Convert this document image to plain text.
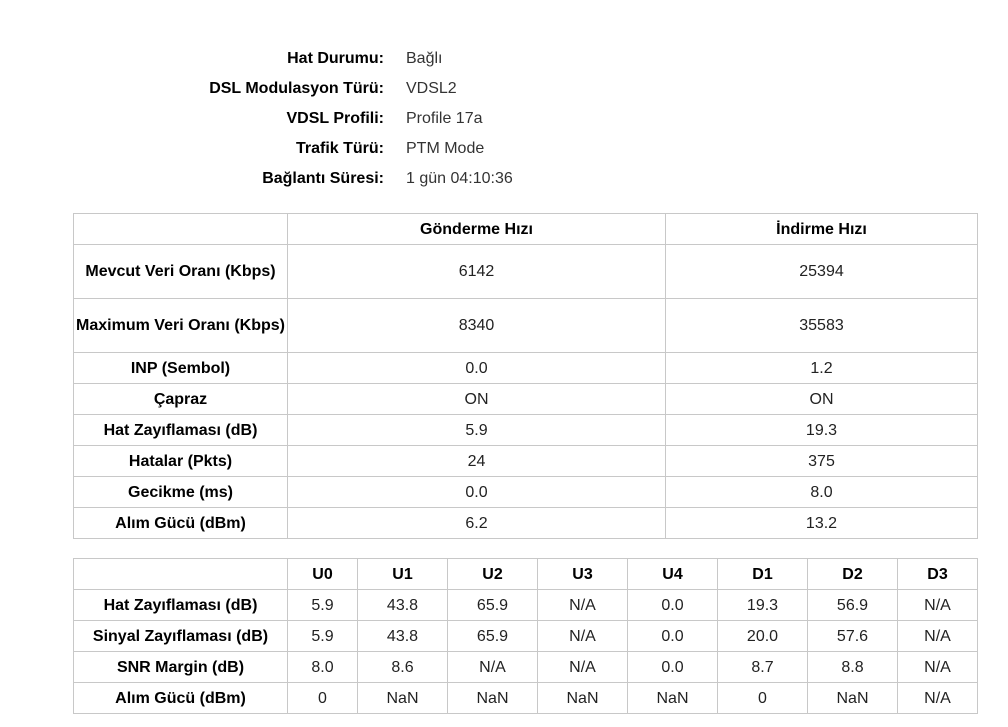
Hat Durumu: Bağlı
DSL Modulasyon Türü: VDSL2
VDSL Profili: Profile 17a
Trafik Türü: PTM Mode
Bağlantı Süresi: 1 gün 04:10:36
	Gönderme Hızı	İndirme Hızı
Mevcut Veri Oranı (Kbps)	6142	25394
Maximum Veri Oranı (Kbps)	8340	35583
INP (Sembol)	0.0	1.2
Çapraz	ON	ON
Hat Zayıflaması (dB)	5.9	19.3
Hatalar (Pkts)	24	375
Gecikme (ms)	0.0	8.0
Alım Gücü (dBm)	6.2	13.2
	U0	U1	U2	U3	U4	D1	D2	D3
Hat Zayıflaması (dB)	5.9	43.8	65.9	N/A	0.0	19.3	56.9	N/A
Sinyal Zayıflaması (dB)	5.9	43.8	65.9	N/A	0.0	20.0	57.6	N/A
SNR Margin (dB)	8.0	8.6	N/A	N/A	0.0	8.7	8.8	N/A
Alım Gücü (dBm)	0	NaN	NaN	NaN	NaN	0	NaN	N/A
